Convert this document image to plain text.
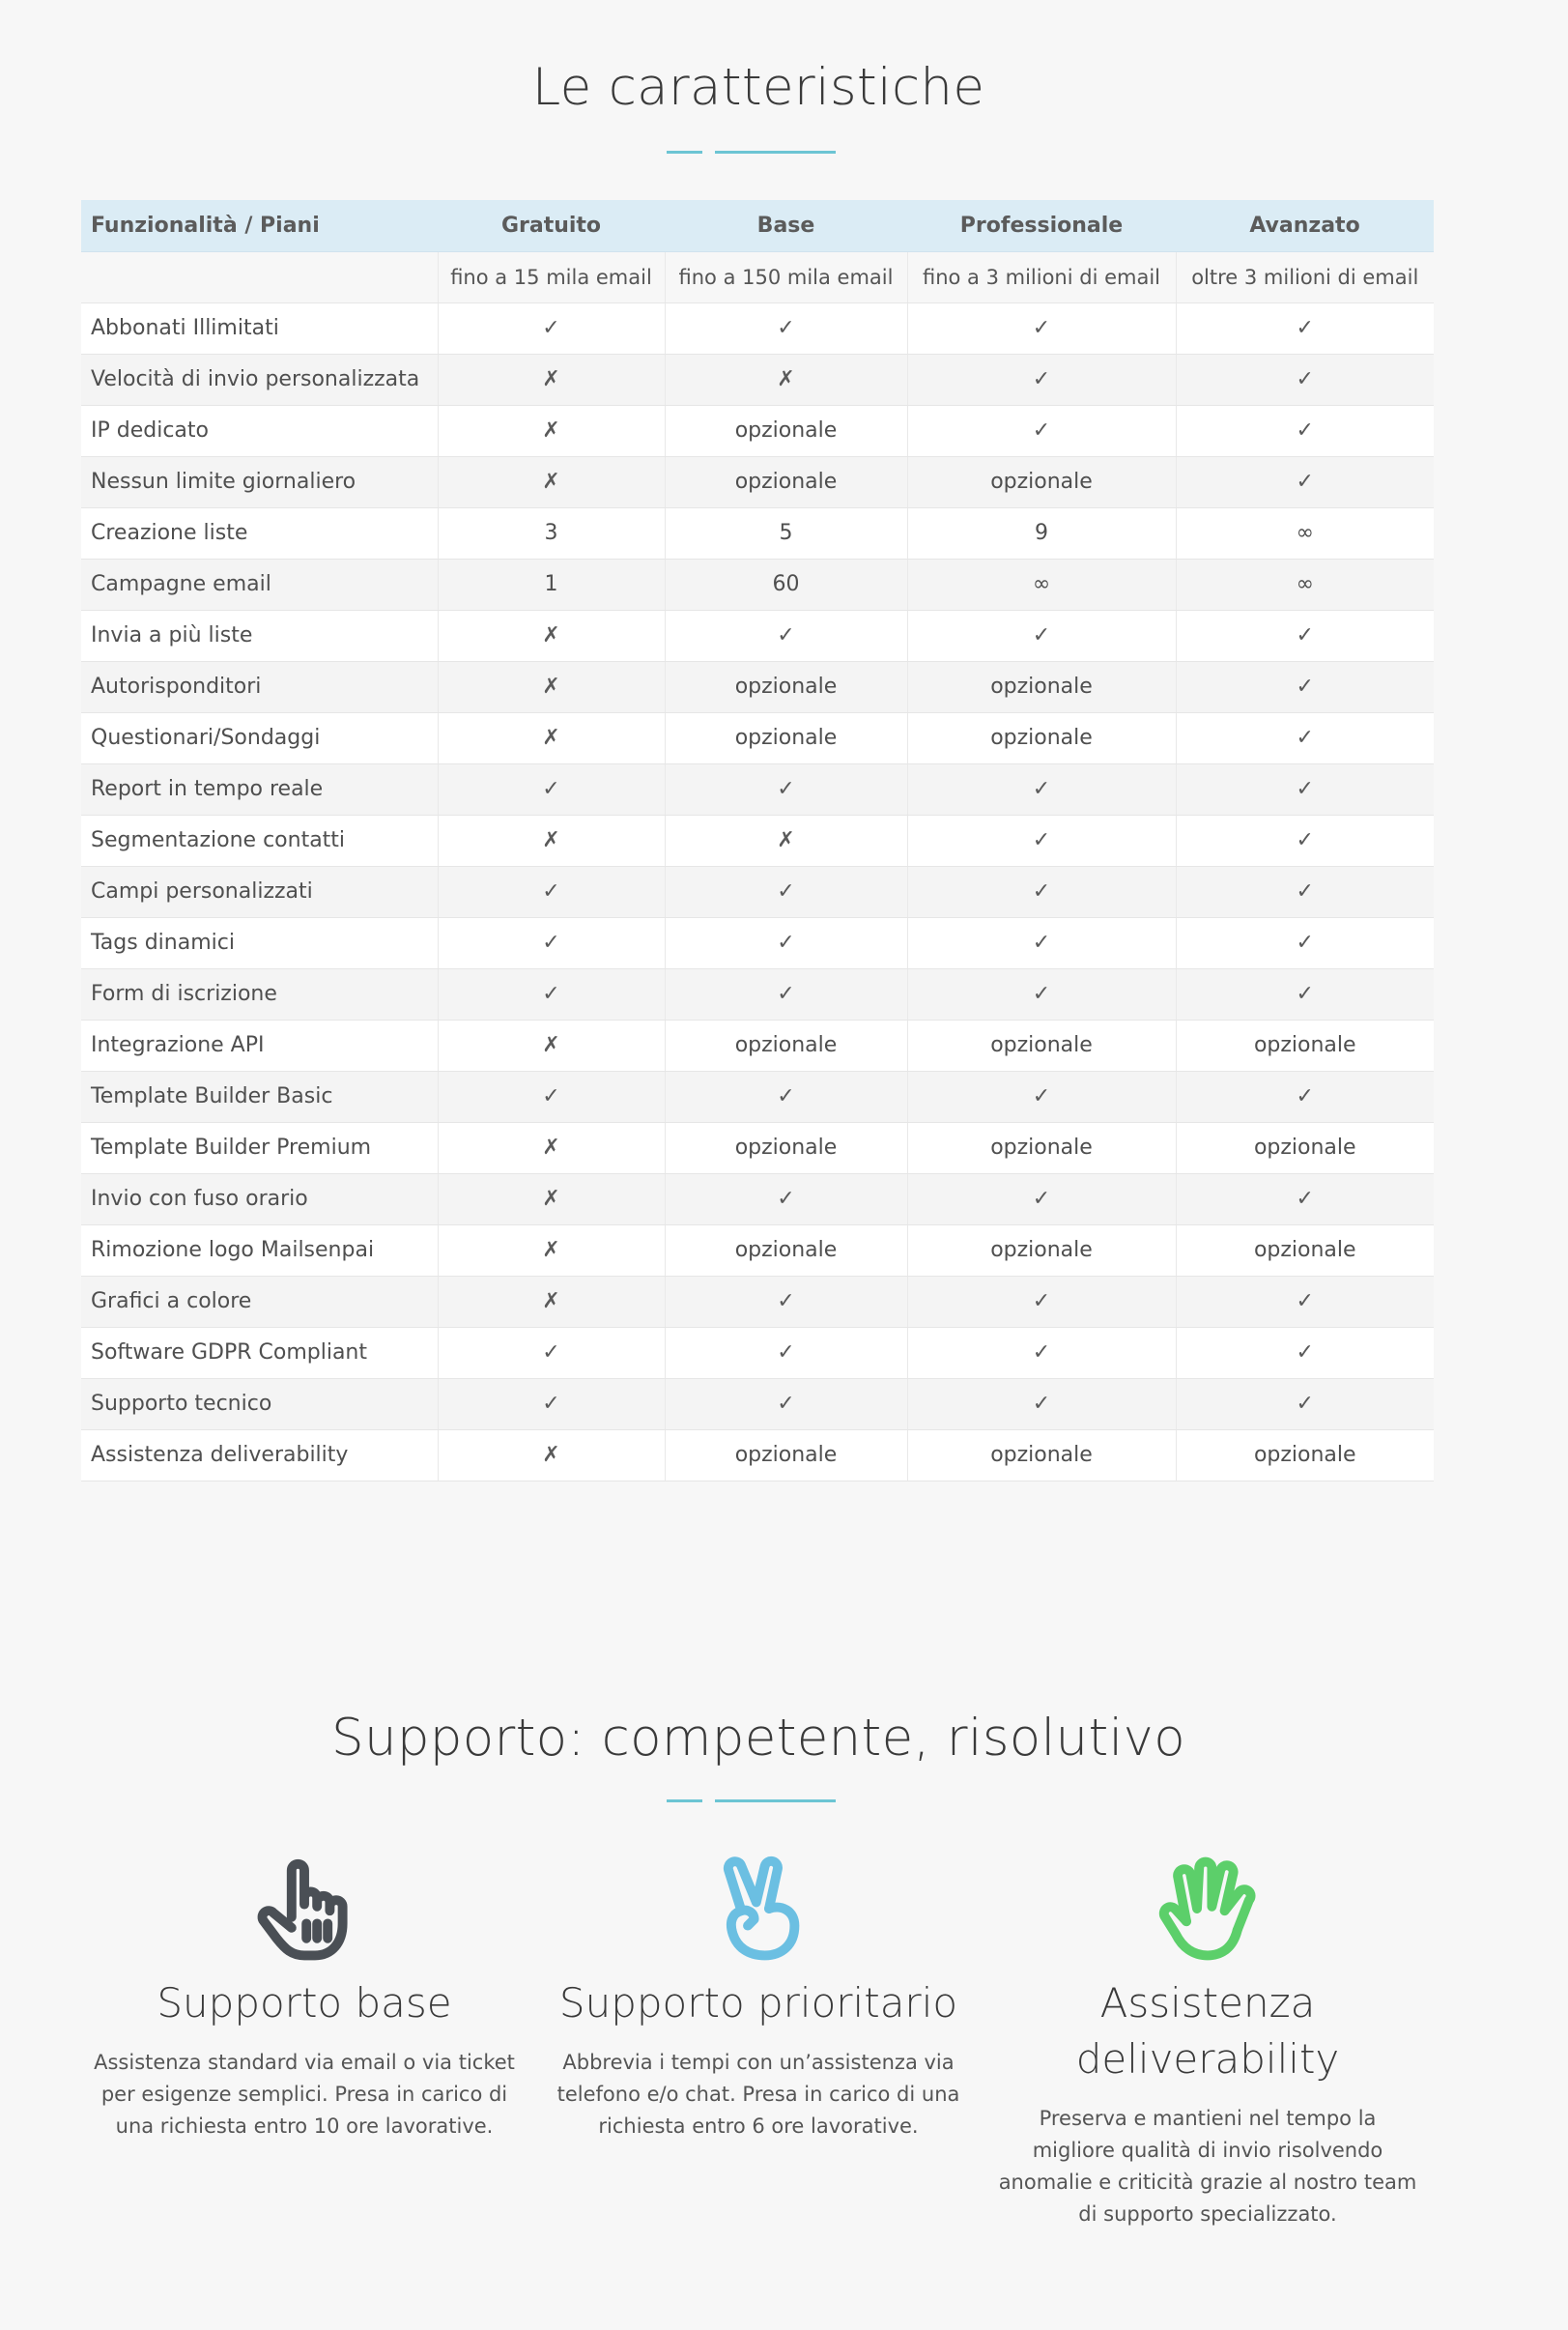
Le caratteristiche
Funzionalità / Piani	Gratuito	Base	Professionale	Avanzato
	fino a 15 mila email	fino a 150 mila email	fino a 3 milioni di email	oltre 3 milioni di email
Abbonati Illimitati	✓	✓	✓	✓
Velocità di invio personalizzata	✗	✗	✓	✓
IP dedicato	✗	opzionale	✓	✓
Nessun limite giornaliero	✗	opzionale	opzionale	✓
Creazione liste	3	5	9	∞
Campagne email	1	60	∞	∞
Invia a più liste	✗	✓	✓	✓
Autorisponditori	✗	opzionale	opzionale	✓
Questionari/Sondaggi	✗	opzionale	opzionale	✓
Report in tempo reale	✓	✓	✓	✓
Segmentazione contatti	✗	✗	✓	✓
Campi personalizzati	✓	✓	✓	✓
Tags dinamici	✓	✓	✓	✓
Form di iscrizione	✓	✓	✓	✓
Integrazione API	✗	opzionale	opzionale	opzionale
Template Builder Basic	✓	✓	✓	✓
Template Builder Premium	✗	opzionale	opzionale	opzionale
Invio con fuso orario	✗	✓	✓	✓
Rimozione logo Mailsenpai	✗	opzionale	opzionale	opzionale
Grafici a colore	✗	✓	✓	✓
Software GDPR Compliant	✓	✓	✓	✓
Supporto tecnico	✓	✓	✓	✓
Assistenza deliverability	✗	opzionale	opzionale	opzionale
Supporto: competente, risolutivo
Supporto base

Assistenza standard via email o via ticket per esigenze semplici. Presa in carico di una richiesta entro 10 ore lavorative.

Supporto prioritario

Abbrevia i tempi con un’assistenza via telefono e/o chat. Presa in carico di una richiesta entro 6 ore lavorative.

Assistenza deliverability

Preserva e mantieni nel tempo la migliore qualità di invio risolvendo anomalie e criticità grazie al nostro team di supporto specializzato.
